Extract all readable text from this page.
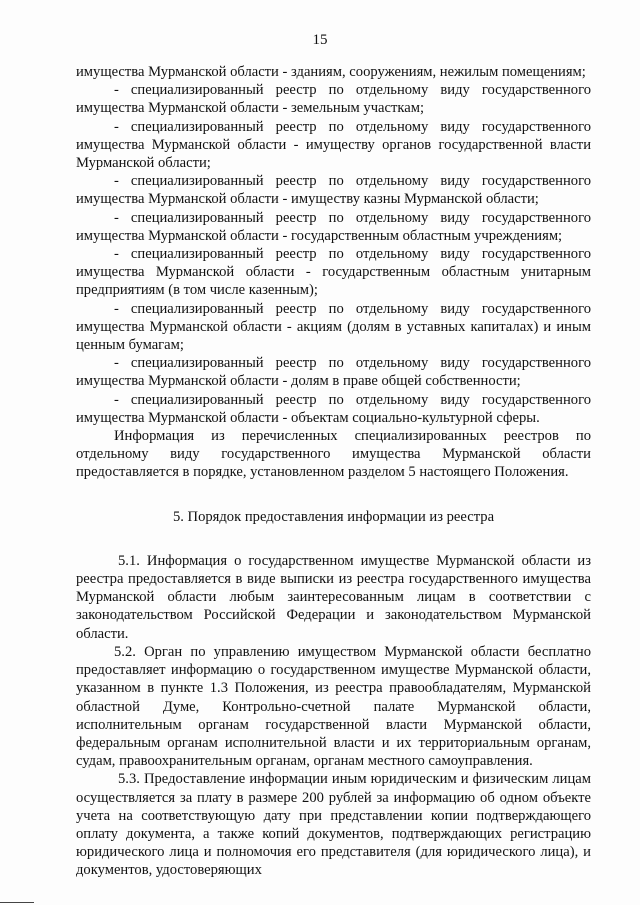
15

имущества Мурманской области - зданиям, сооружениям, нежилым помещениям;

- специализированный реестр по отдельному виду государственного имущества Мурманской области - земельным участкам;

- специализированный реестр по отдельному виду государственного имущества Мурманской области - имуществу органов государственной власти Мурманской области;

- специализированный реестр по отдельному виду государственного имущества Мурманской области - имуществу казны Мурманской области;

- специализированный реестр по отдельному виду государственного имущества Мурманской области - государственным областным учреждениям;

- специализированный реестр по отдельному виду государственного имущества Мурманской области - государственным областным унитарным предприятиям (в том числе казенным);

- специализированный реестр по отдельному виду государственного имущества Мурманской области - акциям (долям в уставных капиталах) и иным ценным бумагам;

- специализированный реестр по отдельному виду государственного имущества Мурманской области - долям в праве общей собственности;

- специализированный реестр по отдельному виду государственного имущества Мурманской области - объектам социально-культурной сферы.

Информация из перечисленных специализированных реестров по отдельному виду государственного имущества Мурманской области предоставляется в порядке, установленном разделом 5 настоящего Положения.

5. Порядок предоставления информации из реестра

5.1. Информация о государственном имуществе Мурманской области из реестра предоставляется в виде выписки из реестра государственного имущества Мурманской области любым заинтересованным лицам в соответствии с законодательством Российской Федерации и законодательством Мурманской области.

5.2. Орган по управлению имуществом Мурманской области бесплатно предоставляет информацию о государственном имуществе Мурманской области, указанном в пункте 1.3 Положения, из реестра правообладателям, Мурманской областной Думе, Контрольно-счетной палате Мурманской области, исполнительным органам государственной власти Мурманской области, федеральным органам исполнительной власти и их территориальным органам, судам, правоохранительным органам, органам местного самоуправления.

5.3. Предоставление информации иным юридическим и физическим лицам осуществляется за плату в размере 200 рублей за информацию об одном объекте учета на соответствующую дату при представлении копии подтверждающего оплату документа, а также копий документов, подтверждающих регистрацию юридического лица и полномочия его представителя (для юридического лица), и документов, удостоверяющих
